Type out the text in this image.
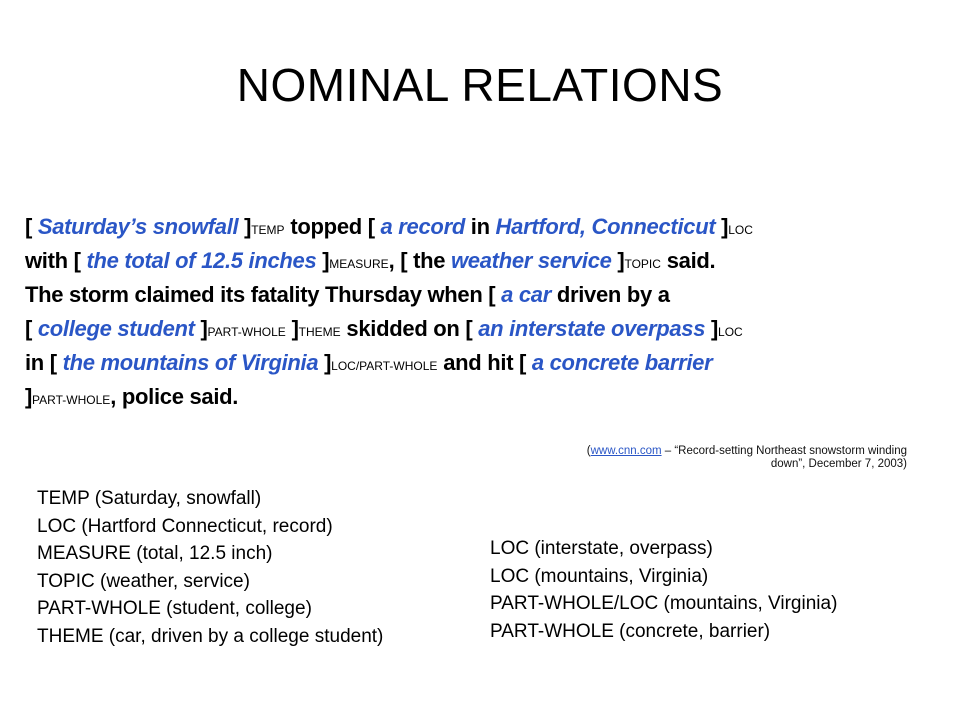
NOMINAL RELATIONS
[ Saturday’s snowfall ]TEMP topped [ a record in Hartford, Connecticut ]LOC
with [ the total of 12.5 inches ]MEASURE, [ the weather service ]TOPIC said.
The storm claimed its fatality Thursday when [ a car driven by a
[ college student ]PART-WHOLE ]THEME skidded on [ an interstate overpass ]LOC
in [ the mountains of Virginia ]LOC/PART-WHOLE and hit [ a concrete barrier
]PART-WHOLE, police said.
(www.cnn.com – “Record-setting Northeast snowstorm winding
down”, December 7, 2003)
TEMP (Saturday, snowfall)
LOC (Hartford Connecticut, record)
MEASURE (total, 12.5 inch)
TOPIC (weather, service)
PART-WHOLE (student, college)
THEME (car, driven by a college student)
LOC (interstate, overpass)
LOC (mountains, Virginia)
PART-WHOLE/LOC (mountains, Virginia)
PART-WHOLE (concrete, barrier)
